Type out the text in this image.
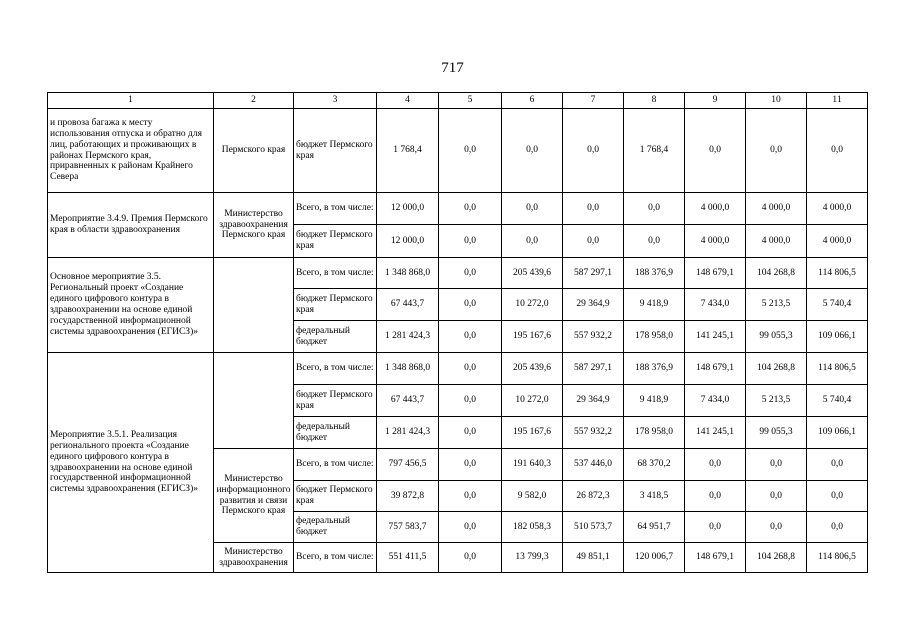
717
1	2	3	4	5	6	7	8	9	10	11
и провоза багажа к месту использования отпуска и обратно для лиц, работающих и проживающих в районах Пермского края, приравненных к районам Крайнего Севера	Пермского края	бюджет Пермского края	1 768,4	0,0	0,0	0,0	1 768,4	0,0	0,0	0,0
Мероприятие 3.4.9. Премия Пермского края в области здравоохранения	Министерство здравоохранения Пермского края	Всего, в том числе:	12 000,0	0,0	0,0	0,0	0,0	4 000,0	4 000,0	4 000,0
		бюджет Пермского края	12 000,0	0,0	0,0	0,0	0,0	4 000,0	4 000,0	4 000,0
Основное мероприятие 3.5. Региональный проект «Создание единого цифрового контура в здравоохранении на основе единой государственной информационной системы здравоохранения (ЕГИСЗ)»		Всего, в том числе:	1 348 868,0	0,0	205 439,6	587 297,1	188 376,9	148 679,1	104 268,8	114 806,5
		бюджет Пермского края	67 443,7	0,0	10 272,0	29 364,9	9 418,9	7 434,0	5 213,5	5 740,4
		федеральный бюджет	1 281 424,3	0,0	195 167,6	557 932,2	178 958,0	141 245,1	99 055,3	109 066,1
Мероприятие 3.5.1. Реализация регионального проекта «Создание единого цифрового контура в здравоохранении на основе единой государственной информационной системы здравоохранения (ЕГИСЗ)»		Всего, в том числе:	1 348 868,0	0,0	205 439,6	587 297,1	188 376,9	148 679,1	104 268,8	114 806,5
		бюджет Пермского края	67 443,7	0,0	10 272,0	29 364,9	9 418,9	7 434,0	5 213,5	5 740,4
		федеральный бюджет	1 281 424,3	0,0	195 167,6	557 932,2	178 958,0	141 245,1	99 055,3	109 066,1
	Министерство информационного развития и связи Пермского края	Всего, в том числе:	797 456,5	0,0	191 640,3	537 446,0	68 370,2	0,0	0,0	0,0
		бюджет Пермского края	39 872,8	0,0	9 582,0	26 872,3	3 418,5	0,0	0,0	0,0
		федеральный бюджет	757 583,7	0,0	182 058,3	510 573,7	64 951,7	0,0	0,0	0,0
	Министерство здравоохранения	Всего, в том числе:	551 411,5	0,0	13 799,3	49 851,1	120 006,7	148 679,1	104 268,8	114 806,5
